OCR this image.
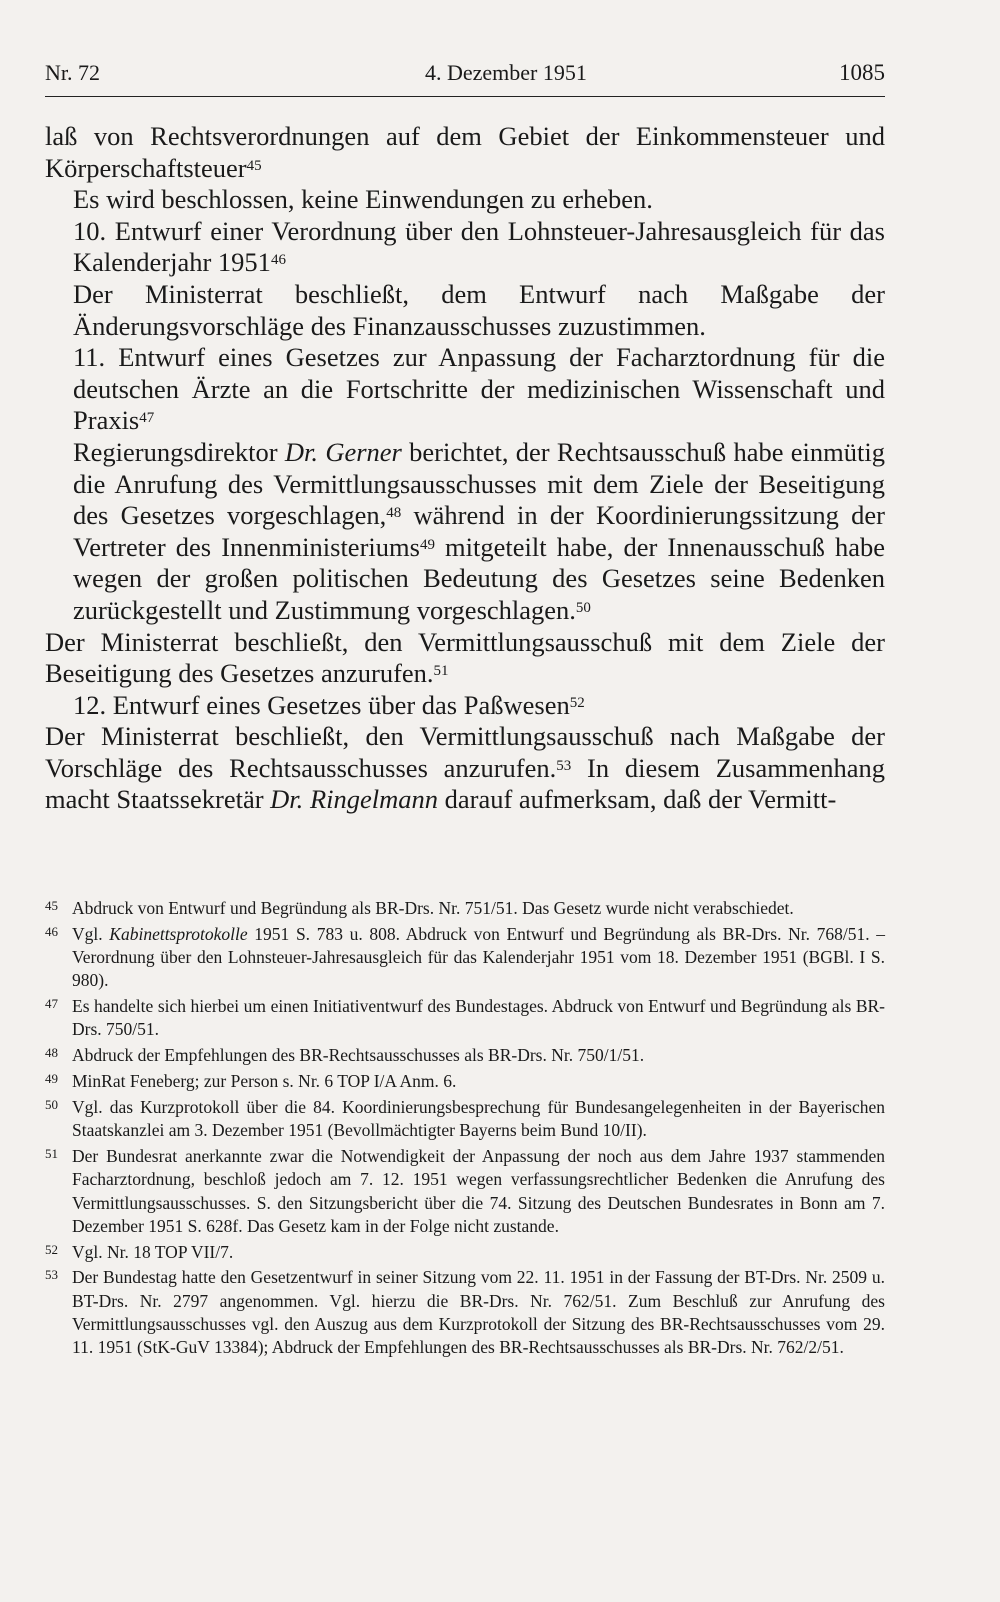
Nr. 72	4. Dezember 1951	1085

laß von Rechtsverordnungen auf dem Gebiet der Einkommensteuer und Körperschaftsteuer$^{45}$

Es wird beschlossen, keine Einwendungen zu erheben.

10. Entwurf einer Verordnung über den Lohnsteuer-Jahresausgleich für das Kalenderjahr 1951$^{46}$

Der Ministerrat beschließt, dem Entwurf nach Maßgabe der Änderungsvorschläge des Finanzausschusses zuzustimmen.

11. Entwurf eines Gesetzes zur Anpassung der Facharztordnung für die deutschen Ärzte an die Fortschritte der medizinischen Wissenschaft und Praxis$^{47}$

Regierungsdirektor Dr. Gerner berichtet, der Rechtsausschuß habe einmütig die Anrufung des Vermittlungsausschusses mit dem Ziele der Beseitigung des Gesetzes vorgeschlagen,$^{48}$ während in der Koordinierungssitzung der Vertreter des Innenministeriums$^{49}$ mitgeteilt habe, der Innenausschuß habe wegen der großen politischen Bedeutung des Gesetzes seine Bedenken zurückgestellt und Zustimmung vorgeschlagen.$^{50}$

Der Ministerrat beschließt, den Vermittlungsausschuß mit dem Ziele der Beseitigung des Gesetzes anzurufen.$^{51}$

12. Entwurf eines Gesetzes über das Paßwesen$^{52}$

Der Ministerrat beschließt, den Vermittlungsausschuß nach Maßgabe der Vorschläge des Rechtsausschusses anzurufen.$^{53}$ In diesem Zusammenhang macht Staatssekretär Dr. Ringelmann darauf aufmerksam, daß der Vermitt-

45 Abdruck von Entwurf und Begründung als BR-Drs. Nr. 751/51. Das Gesetz wurde nicht verabschiedet.
46 Vgl. Kabinettsprotokolle 1951 S. 783 u. 808. Abdruck von Entwurf und Begründung als BR-Drs. Nr. 768/51. – Verordnung über den Lohnsteuer-Jahresausgleich für das Kalenderjahr 1951 vom 18. Dezember 1951 (BGBl. I S. 980).
47 Es handelte sich hierbei um einen Initiativentwurf des Bundestages. Abdruck von Entwurf und Begründung als BR-Drs. 750/51.
48 Abdruck der Empfehlungen des BR-Rechtsausschusses als BR-Drs. Nr. 750/1/51.
49 MinRat Feneberg; zur Person s. Nr. 6 TOP I/A Anm. 6.
50 Vgl. das Kurzprotokoll über die 84. Koordinierungsbesprechung für Bundesangelegenheiten in der Bayerischen Staatskanzlei am 3. Dezember 1951 (Bevollmächtigter Bayerns beim Bund 10/II).
51 Der Bundesrat anerkannte zwar die Notwendigkeit der Anpassung der noch aus dem Jahre 1937 stammenden Facharztordnung, beschloß jedoch am 7. 12. 1951 wegen verfassungsrechtlicher Bedenken die Anrufung des Vermittlungsausschusses. S. den Sitzungsbericht über die 74. Sitzung des Deutschen Bundesrates in Bonn am 7. Dezember 1951 S. 628f. Das Gesetz kam in der Folge nicht zustande.
52 Vgl. Nr. 18 TOP VII/7.
53 Der Bundestag hatte den Gesetzentwurf in seiner Sitzung vom 22. 11. 1951 in der Fassung der BT-Drs. Nr. 2509 u. BT-Drs. Nr. 2797 angenommen. Vgl. hierzu die BR-Drs. Nr. 762/51. Zum Beschluß zur Anrufung des Vermittlungsausschusses vgl. den Auszug aus dem Kurzprotokoll der Sitzung des BR-Rechtsausschusses vom 29. 11. 1951 (StK-GuV 13384); Abdruck der Empfehlungen des BR-Rechtsausschusses als BR-Drs. Nr. 762/2/51.
